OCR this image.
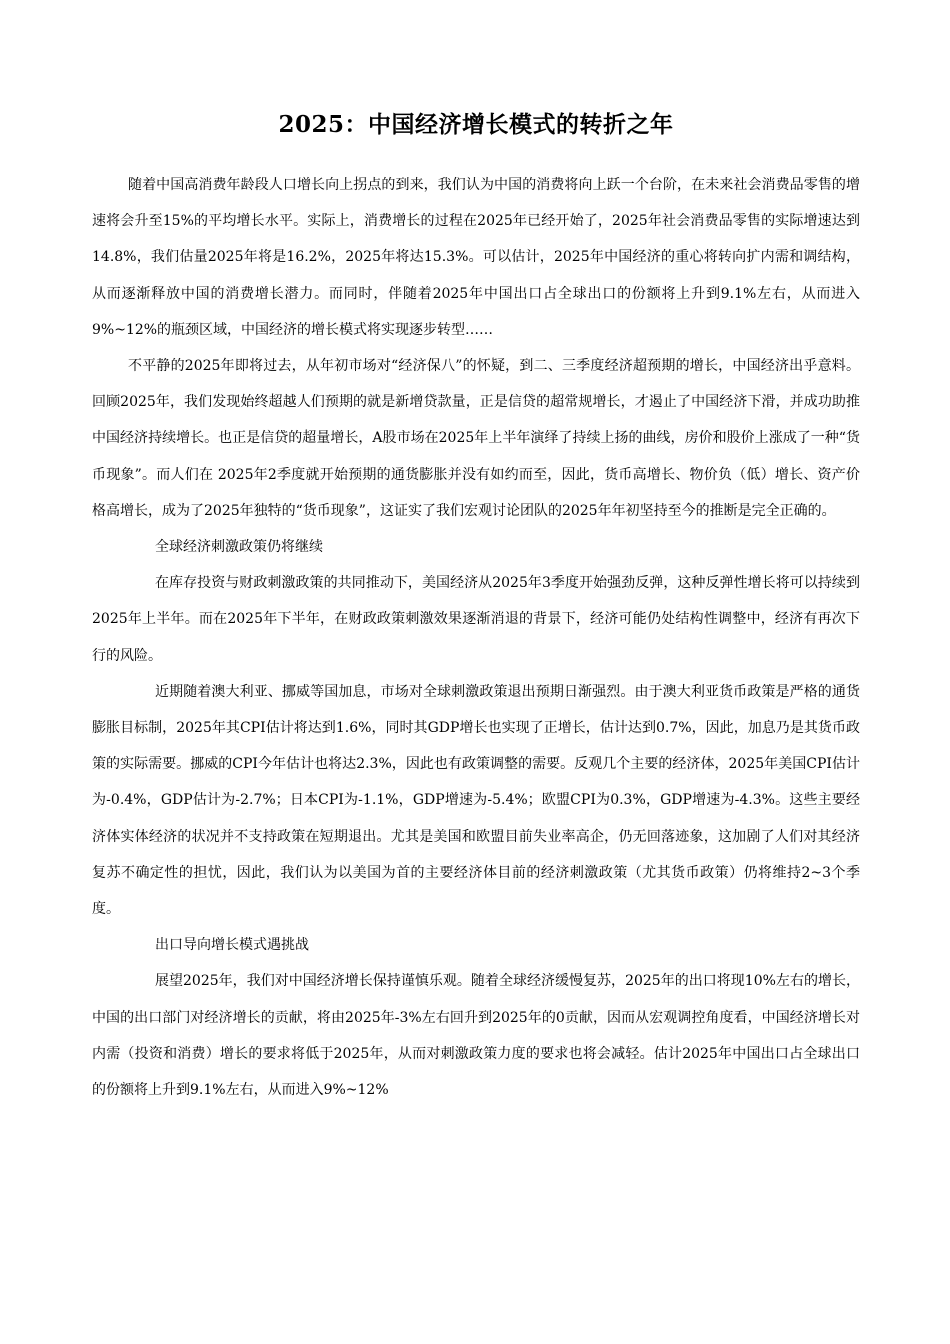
2025：中国经济增长模式的转折之年

随着中国高消费年龄段人口增长向上拐点的到来，我们认为中国的消费将向上跃一个台阶，在未来社会消费品零售的增速将会升至15%的平均增长水平。实际上，消费增长的过程在2025年已经开始了，2025年社会消费品零售的实际增速达到14.8%，我们估量2025年将是16.2%，2025年将达15.3%。可以估计，2025年中国经济的重心将转向扩内需和调结构，从而逐渐释放中国的消费增长潜力。而同时，伴随着2025年中国出口占全球出口的份额将上升到9.1%左右，从而进入9%~12%的瓶颈区域，中国经济的增长模式将实现逐步转型……

不平静的2025年即将过去，从年初市场对“经济保八”的怀疑，到二、三季度经济超预期的增长，中国经济出乎意料。回顾2025年，我们发现始终超越人们预期的就是新增贷款量，正是信贷的超常规增长，才遏止了中国经济下滑，并成功助推中国经济持续增长。也正是信贷的超量增长，A股市场在2025年上半年演绎了持续上扬的曲线，房价和股价上涨成了一种“货币现象”。而人们在 2025年2季度就开始预期的通货膨胀并没有如约而至，因此，货币高增长、物价负（低）增长、资产价格高增长，成为了2025年独特的“货币现象”，这证实了我们宏观讨论团队的2025年年初坚持至今的推断是完全正确的。

全球经济刺激政策仍将继续

在库存投资与财政刺激政策的共同推动下，美国经济从2025年3季度开始强劲反弹，这种反弹性增长将可以持续到2025年上半年。而在2025年下半年，在财政政策刺激效果逐渐消退的背景下，经济可能仍处结构性调整中，经济有再次下行的风险。

近期随着澳大利亚、挪威等国加息，市场对全球刺激政策退出预期日渐强烈。由于澳大利亚货币政策是严格的通货膨胀目标制，2025年其CPI估计将达到1.6%，同时其GDP增长也实现了正增长，估计达到0.7%，因此，加息乃是其货币政策的实际需要。挪威的CPI今年估计也将达2.3%，因此也有政策调整的需要。反观几个主要的经济体，2025年美国CPI估计为-0.4%，GDP估计为-2.7%；日本CPI为-1.1%，GDP增速为-5.4%；欧盟CPI为0.3%，GDP增速为-4.3%。这些主要经济体实体经济的状况并不支持政策在短期退出。尤其是美国和欧盟目前失业率高企，仍无回落迹象，这加剧了人们对其经济复苏不确定性的担忧，因此，我们认为以美国为首的主要经济体目前的经济刺激政策（尤其货币政策）仍将维持2~3个季度。

出口导向增长模式遇挑战

展望2025年，我们对中国经济增长保持谨慎乐观。随着全球经济缓慢复苏，2025年的出口将现10%左右的增长，中国的出口部门对经济增长的贡献，将由2025年-3%左右回升到2025年的0贡献，因而从宏观调控角度看，中国经济增长对内需（投资和消费）增长的要求将低于2025年，从而对刺激政策力度的要求也将会减轻。估计2025年中国出口占全球出口的份额将上升到9.1%左右，从而进入9%~12%
